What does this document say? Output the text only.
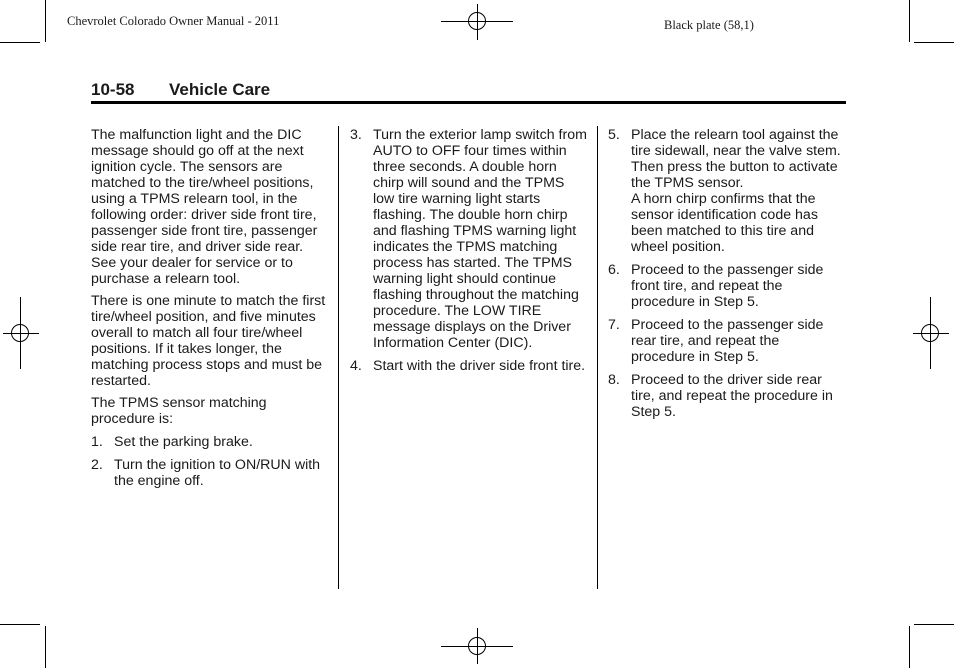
Chevrolet Colorado Owner Manual - 2011	Black plate (58,1)
10-58 Vehicle Care

The malfunction light and the DIC message should go off at the next ignition cycle. The sensors are matched to the tire/wheel positions, using a TPMS relearn tool, in the following order: driver side front tire, passenger side front tire, passenger side rear tire, and driver side rear. See your dealer for service or to purchase a relearn tool.

There is one minute to match the first tire/wheel position, and five minutes overall to match all four tire/wheel positions. If it takes longer, the matching process stops and must be restarted.

The TPMS sensor matching procedure is:

1. Set the parking brake.
2. Turn the ignition to ON/RUN with the engine off.
3. Turn the exterior lamp switch from AUTO to OFF four times within three seconds. A double horn chirp will sound and the TPMS low tire warning light starts flashing. The double horn chirp and flashing TPMS warning light indicates the TPMS matching process has started. The TPMS warning light should continue flashing throughout the matching procedure. The LOW TIRE message displays on the Driver Information Center (DIC).
4. Start with the driver side front tire.
5. Place the relearn tool against the tire sidewall, near the valve stem. Then press the button to activate the TPMS sensor.
A horn chirp confirms that the sensor identification code has been matched to this tire and wheel position.
6. Proceed to the passenger side front tire, and repeat the procedure in Step 5.
7. Proceed to the passenger side rear tire, and repeat the procedure in Step 5.
8. Proceed to the driver side rear tire, and repeat the procedure in Step 5.
